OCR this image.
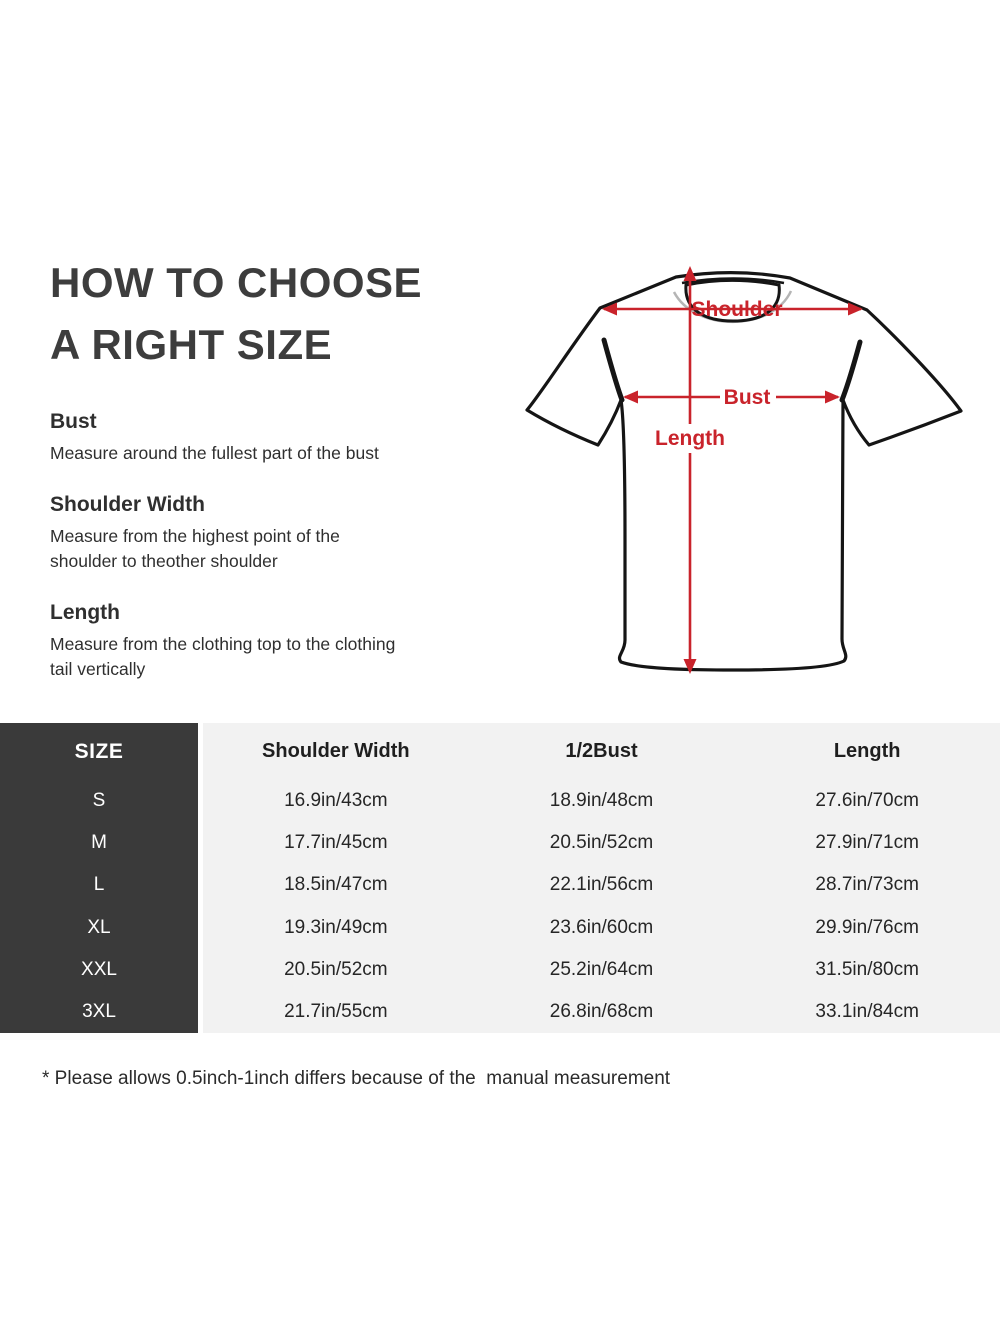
HOW TO CHOOSE
A RIGHT SIZE
Bust

Measure around the fullest part of the bust

Shoulder Width

Measure from the highest point of the shoulder to theother shoulder

Length

Measure from the clothing top to the clothing tail vertically

Shoulder
Bust
Length
SIZE	Shoulder Width	1/2Bust	Length
S	16.9in/43cm	18.9in/48cm	27.6in/70cm
M	17.7in/45cm	20.5in/52cm	27.9in/71cm
L	18.5in/47cm	22.1in/56cm	28.7in/73cm
XL	19.3in/49cm	23.6in/60cm	29.9in/76cm
XXL	20.5in/52cm	25.2in/64cm	31.5in/80cm
3XL	21.7in/55cm	26.8in/68cm	33.1in/84cm
* Please allows 0.5inch-1inch differs because of the  manual measurement
